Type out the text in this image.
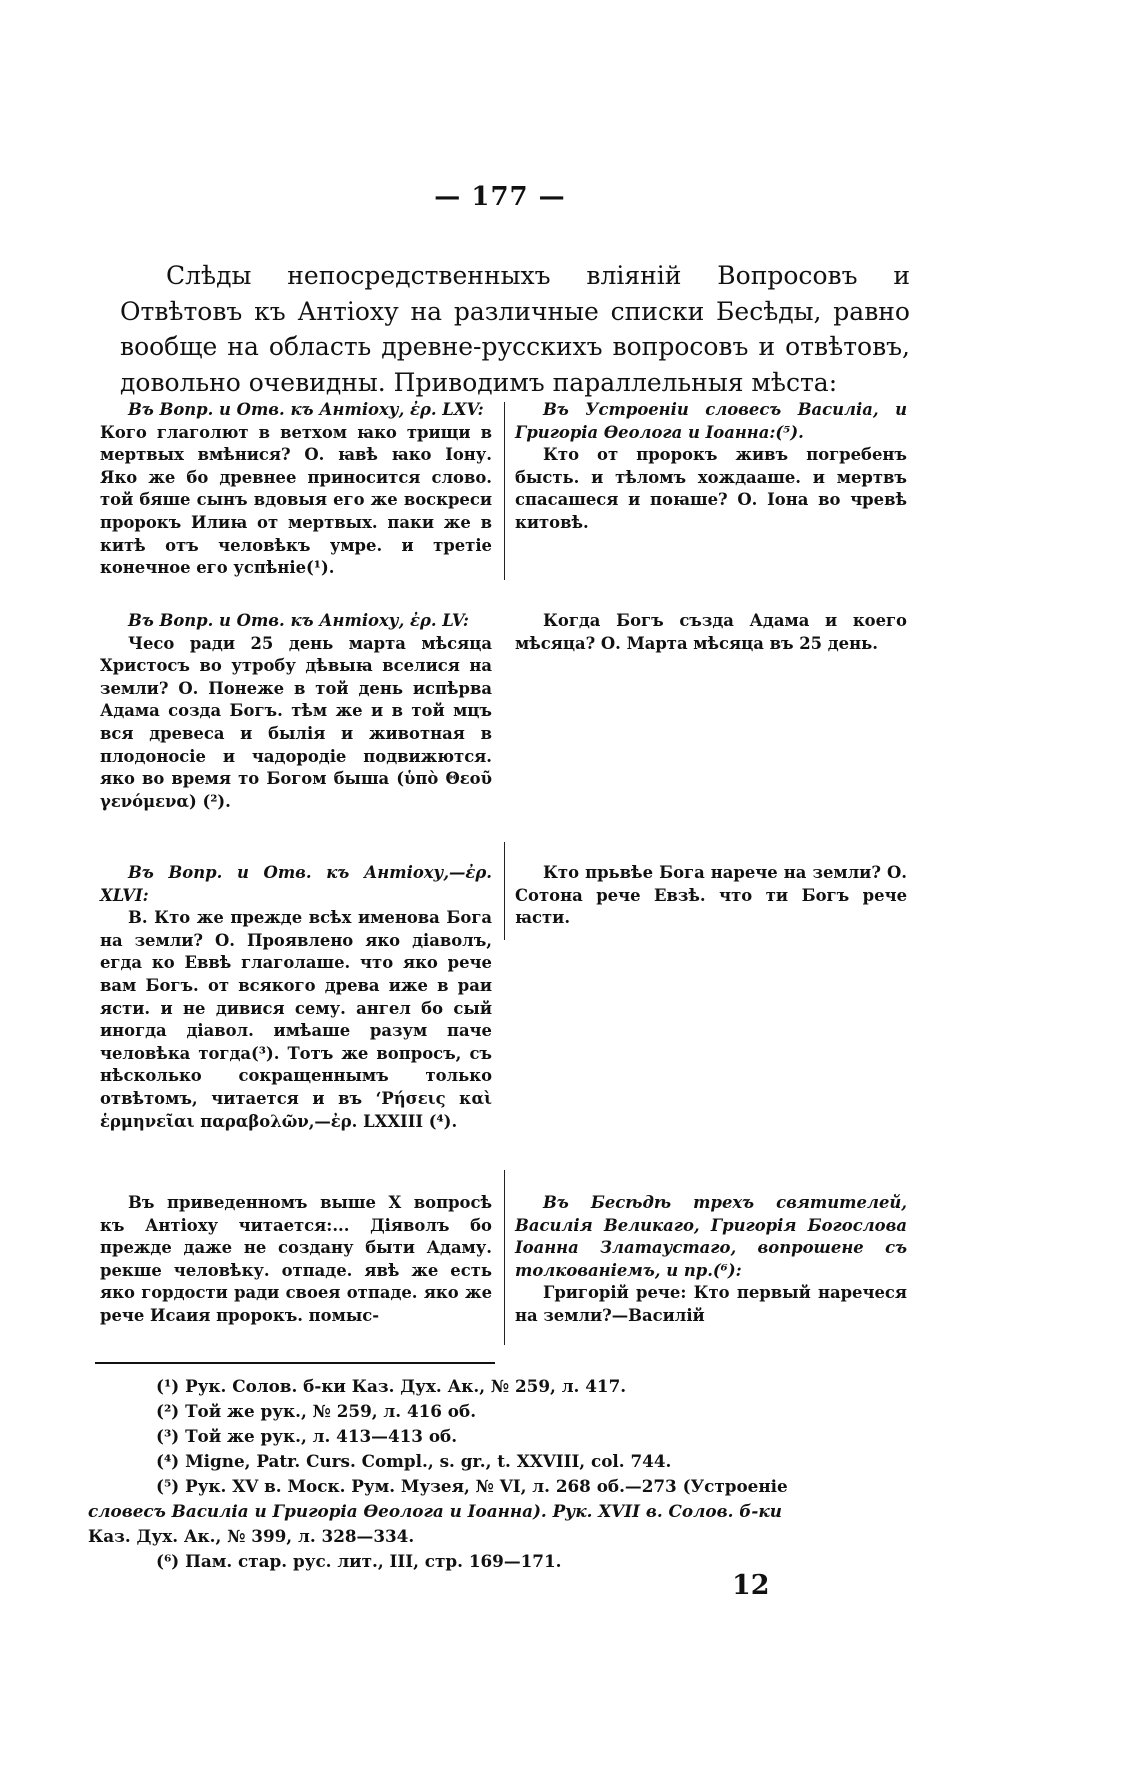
— 177 —

Слѣды непосредственныхъ вліяній Вопросовъ и Отвѣтовъ къ Антіоху на различные списки Бесѣды, равно вообще на область древне-русскихъ вопросовъ и отвѣтовъ, довольно очевидны. Приводимъ параллельныя мѣста:

Въ Вопр. и Отв. къ Антіоху, ἐρ. LXV:

Кого глаголют в ветхом ꙗко трищи в мертвых вмѣнися? О. ꙗвѣ ꙗко Іону. Яко же бо древнее приносится слово. той бяше сынъ вдовыя его же воскреси пророкъ Илиꙗ от мертвых. паки же в китѣ отъ человѣкъ умре. и третіе конечное его успѣніе(¹).

Въ Устроеніи словесъ Василіа, и Григоріа Ѳеолога и Іоанна:(⁵).

Кто от пророкъ живъ погребенъ бысть. и тѣломъ хождааше. и мертвъ спасашеся и поꙗше? О. Іона во чревѣ китовѣ.

Въ Вопр. и Отв. къ Антіоху, ἐρ. LV:

Чесо ради 25 день марта мѣсяца Христосъ во утробу дѣвыꙗ вселися на земли? О. Понеже в той день испѣрва Адама созда Богъ. тѣм же и в той мцъ вся древеса и былія и животная в плодоносіе и чадородіе подвижются. яко во время то Богом быша (ὑπὸ Θεοῦ γενόμενα) (²).

Когда Богъ създа Адама и коего мѣсяца? О. Марта мѣсяца въ 25 день.

Въ Вопр. и Отв. къ Антіоху,—ἐρ. XLVI:

В. Кто же прежде всѣх именова Бога на земли? О. Проявлено яко діаволъ, егда ко Еввѣ глаголаше. что яко рече вам Богъ. от всякого древа иже в раи ясти. и не дивися сему. ангел бо сый иногда діавол. имѣаше разум паче человѣка тогда(³). Тотъ же вопросъ, съ нѣсколько сокращеннымъ только отвѣтомъ, читается и въ ‘Ρήσεις καὶ ἑρμηνεῖαι παραβολῶν,—ἐρ. LXXIII (⁴).

Кто прьвѣе Бога нарече на земли? О. Сотона рече Евзѣ. что ти Богъ рече ꙗсти.

Въ приведенномъ выше X вопросѣ къ Антіоху читается:... Діяволъ бо прежде даже не создану быти Адаму. рекше человѣку. отпаде. явѣ же есть яко гордости ради своея отпаде. яко же рече Исаия пророкъ. помыс-

Въ Бесѣдѣ трехъ святителей, Василія Великаго, Григорія Богослова Іоанна Златаустаго, вопрошене съ толкованіемъ, и пр.(⁶):

Григорій рече: Кто первый наречеся на земли?—Василій

(¹) Рук. Солов. б-ки Каз. Дух. Ак., № 259, л. 417.

(²) Той же рук., № 259, л. 416 об.

(³) Той же рук., л. 413—413 об.

(⁴) Migne, Patr. Curs. Compl., s. gr., t. XXVIII, col. 744.

(⁵) Рук. XV в. Моск. Рум. Музея, № VI, л. 268 об.—273 (Устроеніе

словесъ Василіа и Григоріа Ѳеолога и Іоанна). Рук. XVII в. Солов. б-ки

Каз. Дух. Ак., № 399, л. 328—334.

(⁶) Пам. стар. рус. лит., III, стр. 169—171.

12
